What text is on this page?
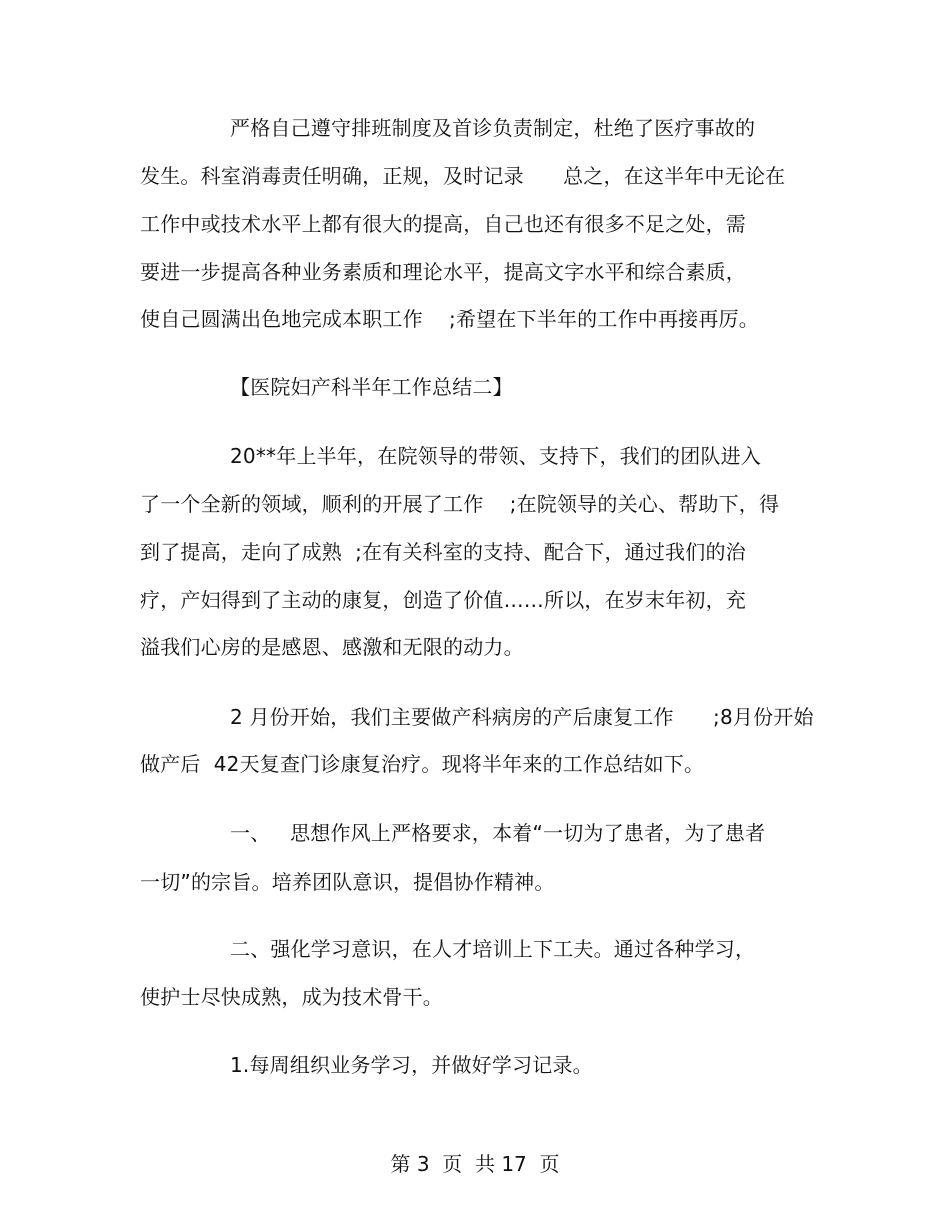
严格自己遵守排班制度及首诊负责制定，杜绝了医疗事故的
发生。科室消毒责任明确，正规，及时记录      总之，在这半年中无论在
工作中或技术水平上都有很大的提高，自己也还有很多不足之处，需
要进一步提高各种业务素质和理论水平，提高文字水平和综合素质，
使自己圆满出色地完成本职工作    ;希望在下半年的工作中再接再厉。
【医院妇产科半年工作总结二】
20**年上半年，在院领导的带领、支持下，我们的团队进入
了一个全新的领域，顺利的开展了工作    ;在院领导的关心、帮助下，得
到了提高，走向了成熟  ;在有关科室的支持、配合下，通过我们的治
疗，产妇得到了主动的康复，创造了价值……所以，在岁末年初，充
溢我们心房的是感恩、感激和无限的动力。
2 月份开始，我们主要做产科病房的产后康复工作      ;8月份开始
做产后  42天复查门诊康复治疗。现将半年来的工作总结如下。
一、   思想作风上严格要求，本着“一切为了患者，为了患者
一切”的宗旨。培养团队意识，提倡协作精神。
二、强化学习意识，在人才培训上下工夫。通过各种学习，
使护士尽快成熟，成为技术骨干。
1.每周组织业务学习，并做好学习记录。
第 3  页  共 17  页
